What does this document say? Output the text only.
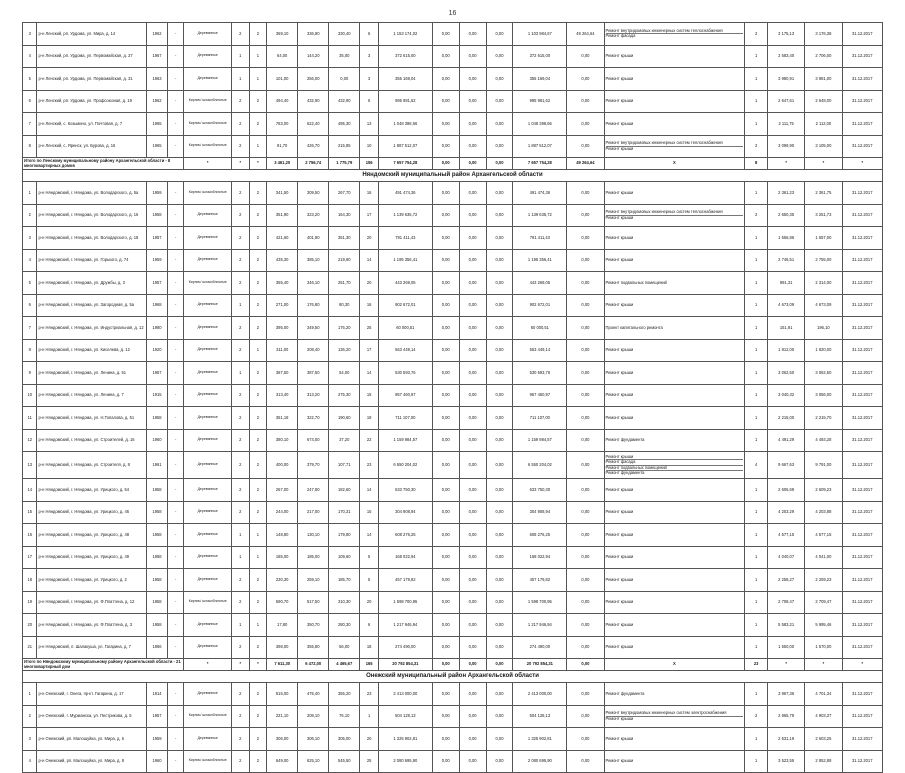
16
3	р-н Ленский, рп. Урдома, ул. Мира, д. 14	1962	-	Деревянные	2	2	369,10	336,90	330,40	6	1 153 174,02	0,00	0,00	0,00	1 103 984,67	49 264,64	Ремонт внутридомовых инженерных систем теплоснабжения
Ремонт фасада	2	3 175,13	3 176,38	31.12.2017
4	р-н Ленский, рп. Урдома, ул. Первомайская, д. 27	1967	-	Деревянные	1	1	64,00	144,20	35,00	3	372 615,00	0,00	0,00	0,00	372 615,00	0,00	Ремонт крыши	1	2 583,40	2 706,00	31.12.2017
5	р-н Ленский, рп. Урдома, ул. Первомайская, д. 31	1963	-	Деревянные	1	1	101,00	256,00	0,00	3	355 169,04	0,00	0,00	0,00	355 169,04	0,00	Ремонт крыши	1	3 980,91	3 981,00	31.12.2017
6	р-н Ленский, рп. Урдома, ул. Профсоюзная, д. 19	1962	-	Кирпич/ шлакоблочные	2	2	494,40	432,90	432,90	6	995 981,62	0,00	0,00	0,00	995 981,62	0,00	Ремонт крыши	1	2 647,61	2 648,00	31.12.2017
7	р-н Ленский, с. Козьмино, ул. Почтовая, д. 7	1965	-	Кирпич/ шлакоблочные	2	2	783,00	622,40	495,30	13	1 048 398,66	0,00	0,00	0,00	1 048 398,66	0,00	Ремонт крыши	1	2 111,75	2 112,00	31.12.2017
8	р-н Ленский, с. Яренск, ул. Бурова, д. 16	1965	-	Кирпич/ шлакоблочные	2	1	91,70	426,70	215,85	10	1 887 512,07	0,00	0,00	0,00	1 887 512,07	0,00	Ремонт внутридомовых инженерных систем теплоснабжения
Ремонт крыши	2	3 099,90	3 105,00	31.12.2017
Итого по Ленскому муниципальному району Архангельской области - 8 многоквартирных домов				*	*	*	3 461,20	2 756,74	1 775,79	156	7 657 754,28	0,00	0,00	0,00	7 657 754,28	49 264,64	X	8	*	*	*
Няндомский муниципальный район Архангельской области																					
1	р-н Няндомский, г. Няндома, ул. Володарского, д. 5а	1959	-	Кирпич/ шлакоблочные	2	2	341,50	309,50	267,70	16	491 474,36	0,00	0,00	0,00	491 474,36	0,00	Ремонт крыши	1	2 361,23	2 361,75	31.12.2017
2	р-н Няндомский, г. Няндома, ул. Володарского, д. 16	1958	-	Деревянные	2	2	351,90	323,20	164,30	17	1 139 635,72	0,00	0,00	0,00	1 139 635,72	0,00	Ремонт внутридомовых инженерных систем теплоснабжения
Ремонт крыши	2	2 650,35	3 251,73	31.12.2017
3	р-н Няндомский, г. Няндома, ул. Володарского, д. 18	1957	-	Деревянные	2	2	421,60	401,90	351,30	20	791 411,43	0,00	0,00	0,00	791 411,43	0,00	Ремонт крыши	1	1 556,86	1 557,00	31.12.2017
4	р-н Няндомский, г. Няндома, ул. Горького, д. 74	1959	-	Деревянные	2	2	435,30	385,10	219,90	14	1 195 356,41	0,00	0,00	0,00	1 195 356,41	0,00	Ремонт крыши	1	2 746,51	2 755,00	31.12.2017
5	р-н Няндомский, г. Няндома, ул. Дружбы, д. 3	1957	-	Кирпич/ шлакоблочные	2	2	355,40	346,10	251,70	20	443 269,05	0,00	0,00	0,00	443 269,05	0,00	Ремонт подвальных помещений	1	991,31	2 314,00	31.12.2017
6	р-н Няндомский, г. Няндома, ул. Загородная, д. 5а	1968	-	Деревянные	1	2	271,00	176,80	80,30	16	902 672,01	0,00	0,00	0,00	902 672,01	0,00	Ремонт крыши	1	4 673,09	4 673,09	31.12.2017
7	р-н Няндомский, г. Няндома, ул. Индустриальная, д. 12	1980	-	Деревянные	2	2	395,00	349,50	176,20	25	60 000,51	0,00	0,00	0,00	60 000,51	0,00	Проект капитального ремонта	1	151,91	196,10	31.12.2017
8	р-н Няндомский, г. Няндома, ул. Киселева, д. 12	1920	-	Деревянные	2	1	311,00	208,40	136,20	17	563 449,14	0,00	0,00	0,00	563 449,14	0,00	Ремонт крыши	1	1 812,00	1 820,00	31.12.2017
9	р-н Няндомский, г. Няндома, ул. Ленина, д. 51	1957	-	Деревянные	1	2	387,50	387,50	54,00	14	530 593,76	0,00	0,00	0,00	530 593,76	0,00	Ремонт крыши	1	3 062,50	3 062,50	31.12.2017
10	р-н Няндомский, г. Няндома, ул. Ленина, д. 7	1915	-	Деревянные	2	2	313,40	313,20	275,30	15	957 460,97	0,00	0,00	0,00	957 460,97	0,00	Ремонт крыши	1	3 040,32	3 056,00	31.12.2017
11	р-н Няндомский, г. Няндома, ул. Н.Топалова, д. 51	1958	-	Деревянные	2	2	351,18	322,70	190,60	19	711 107,00	0,00	0,00	0,00	711 107,00	0,00	Ремонт крыши	1	2 215,00	2 215,70	31.12.2017
12	р-н Няндомский, г. Няндома, ул. Строителей, д. 16	1960	-	Деревянные	2	2	380,10	674,00	37,20	22	1 159 984,57	0,00	0,00	0,00	1 159 984,57	0,00	Ремонт фундамента	1	4 491,29	4 493,28	31.12.2017
13	р-н Няндомский, г. Няндома, ул. Строителя, д. 8	1961	-	Деревянные	2	2	400,00	379,70	107,71	23	6 550 204,02	0,00	0,00	0,00	6 550 204,02	0,00	Ремонт крыши
Ремонт фасада
Ремонт подвальных помещений
Ремонт фундамента	4	9 667,63	9 791,00	31.12.2017
14	р-н Няндомский, г. Няндома, ул. Урицкого, д. 54	1958	-	Деревянные	2	2	267,00	247,80	182,60	14	633 750,30	0,00	0,00	0,00	633 750,30	0,00	Ремонт крыши	1	2 606,69	2 609,23	31.12.2017
15	р-н Няндомский, г. Няндома, ул. Урицкого, д. 46	1958	-	Деревянные	2	2	244,00	217,00	170,31	15	304 908,94	0,00	0,00	0,00	304 908,94	0,00	Ремонт крыши	1	4 203,29	4 203,88	31.12.2017
16	р-н Няндомский, г. Няндома, ул. Урицкого, д. 48	1958	-	Деревянные	1	1	148,80	130,10	179,80	14	608 276,25	0,00	0,00	0,00	608 276,25	0,00	Ремонт крыши	1	4 577,15	4 577,15	31.12.2017
17	р-н Няндомский, г. Няндома, ул. Урицкого, д. 49	1958	-	Деревянные	1	1	185,00	185,00	109,60	5	168 022,94	0,00	0,00	0,00	168 022,94	0,00	Ремонт крыши	1	4 040,07	4 041,00	31.12.2017
18	р-н Няндомский, г. Няндома, ул. Урицкого, д. 2	1958	-	Деревянные	2	2	230,30	259,10	185,70	5	457 179,82	0,00	0,00	0,00	457 179,82	0,00	Ремонт крыши	1	2 258,27	2 259,23	31.12.2017
19	р-н Няндомский, г. Няндома, ул. Ф.Платтена, д. 12	1958	-	Кирпич/ шлакоблочные	2	2	590,70	517,50	310,30	20	1 598 700,95	0,00	0,00	0,00	1 598 700,95	0,00	Ремонт крыши	1	2 708,47	2 709,47	31.12.2017
20	р-н Няндомский, г. Няндома, ул. Ф.Платтена, д. 3	1958	-	Деревянные	1	1	17,80	350,70	280,30	6	1 217 946,94	0,00	0,00	0,00	1 217 946,94	0,00	Ремонт крыши	1	5 583,21	5 995,46	31.12.2017
21	р-н Няндомский, п. Шалакуша, ул. Гагарина, д. 7	1966	-	Деревянные	2	2	398,00	355,80	56,00	18	274 490,00	0,00	0,00	0,00	274 490,00	0,00	Ремонт крыши	1	1 550,00	1 570,00	31.12.2017
Итого по Няндомскому муниципальному району Архангельской области - 21 многоквартирный дом				*	*	*	7 611,30	6 472,00	4 465,67	165	20 792 854,31	0,00	0,00	0,00	20 792 854,31	0,00	X	23	*	*	*
Онежский муниципальный район Архангельской области																					
1	р-н Онежский, г. Онега, пр-кт. Гагарина, д. 17	1914	-	Деревянные	2	2	515,00	475,40	355,20	23	2 413 000,00	0,00	0,00	0,00	2 413 000,00	0,00	Ремонт фундамента	1	3 967,36	4 701,34	31.12.2017
2	р-н Онежский, г. Мурманска, ул. Пестрикова, д. 5	1957	-	Кирпич/ шлакоблочные	2	2	221,10	208,10	76,10	1	504 128,13	0,00	0,00	0,00	504 128,13	0,00	Ремонт внутридомовых инженерных систем электроснабжения
Ремонт крыши	2	2 865,79	4 903,37	31.12.2017
3	р-н Онежский, рп. Малошуйка, ул. Мира, д. 6	1959	-	Деревянные	2	2	306,00	306,10	305,00	20	1 325 902,81	0,00	0,00	0,00	1 325 902,81	0,00	Ремонт крыши	1	2 531,19	2 603,25	31.12.2017
4	р-н Онежский, рп. Малошуйка, ул. Мира, д. 8	1960	-	Кирпич/ шлакоблочные	2	2	649,00	625,10	545,50	25	2 080 695,90	0,00	0,00	0,00	2 080 695,90	0,00	Ремонт крыши	1	3 523,55	2 852,88	31.12.2017
